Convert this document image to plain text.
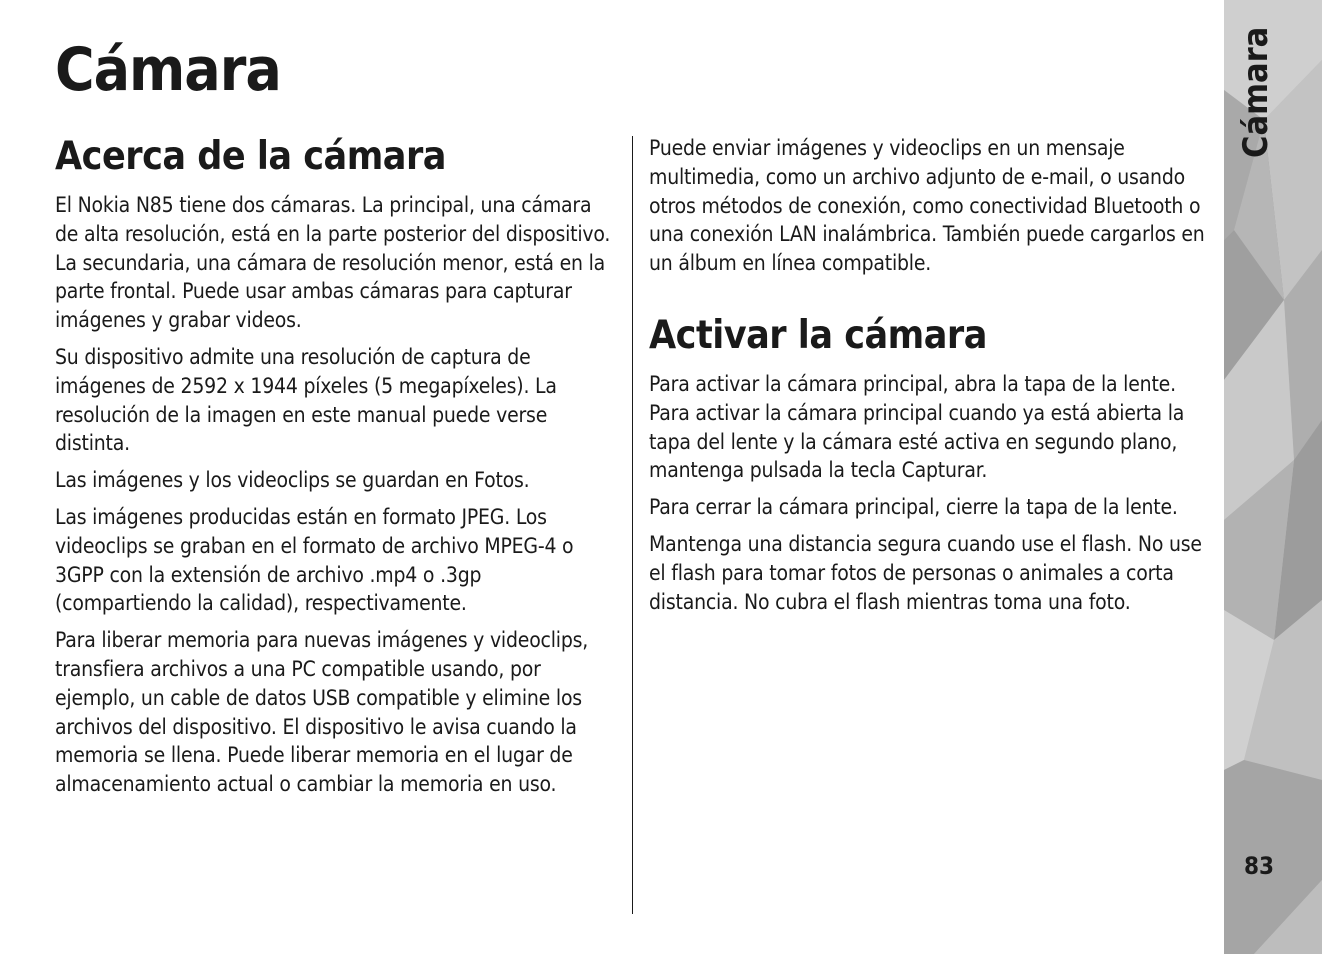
Cámara
Acerca de la cámara

El Nokia N85 tiene dos cámaras. La principal, una cámara de alta resolución, está en la parte posterior del dispositivo. La secundaria, una cámara de resolución menor, está en la parte frontal. Puede usar ambas cámaras para capturar imágenes y grabar videos.

Su dispositivo admite una resolución de captura de imágenes de 2592 x 1944 píxeles (5 megapíxeles). La resolución de la imagen en este manual puede verse distinta.

Las imágenes y los videoclips se guardan en Fotos.

Las imágenes producidas están en formato JPEG. Los videoclips se graban en el formato de archivo MPEG-4 o 3GPP con la extensión de archivo .mp4 o .3gp (compartiendo la calidad), respectivamente.

Para liberar memoria para nuevas imágenes y videoclips, transfiera archivos a una PC compatible usando, por ejemplo, un cable de datos USB compatible y elimine los archivos del dispositivo. El dispositivo le avisa cuando la memoria se llena. Puede liberar memoria en el lugar de almacenamiento actual o cambiar la memoria en uso.

Puede enviar imágenes y videoclips en un mensaje multimedia, como un archivo adjunto de e-mail, o usando otros métodos de conexión, como conectividad Bluetooth o una conexión LAN inalámbrica. También puede cargarlos en un álbum en línea compatible.

Activar la cámara

Para activar la cámara principal, abra la tapa de la lente. Para activar la cámara principal cuando ya está abierta la tapa del lente y la cámara esté activa en segundo plano, mantenga pulsada la tecla Capturar.

Para cerrar la cámara principal, cierre la tapa de la lente.

Mantenga una distancia segura cuando use el flash. No use el flash para tomar fotos de personas o animales a corta distancia. No cubra el flash mientras toma una foto.

Cámara
83
